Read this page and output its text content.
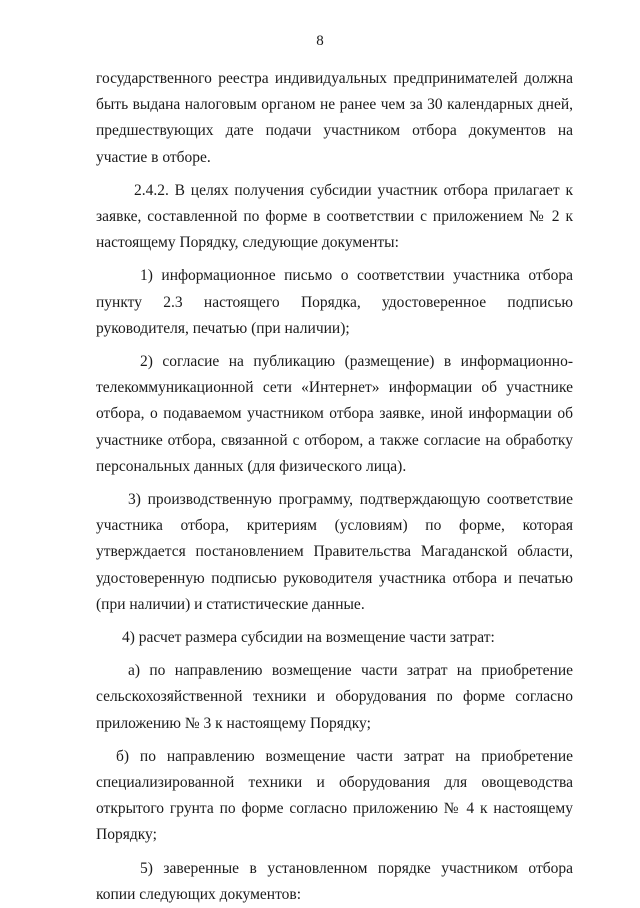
8

государственного реестра индивидуальных предпринимателей должна быть выдана налоговым органом не ранее чем за 30 календарных дней, предшествующих дате подачи участником отбора документов на участие в отборе.

2.4.2. В целях получения субсидии участник отбора прилагает к заявке, составленной по форме в соответствии с приложением № 2 к настоящему Порядку, следующие документы:

1) информационное письмо о соответствии участника отбора пункту 2.3 настоящего Порядка, удостоверенное подписью руководителя, печатью (при наличии);

2) согласие на публикацию (размещение) в информационно-телекоммуникационной сети «Интернет» информации об участнике отбора, о подаваемом участником отбора заявке, иной информации об участнике отбора, связанной с отбором, а также согласие на обработку персональных данных (для физического лица).

3) производственную программу, подтверждающую соответствие участника отбора, критериям (условиям) по форме, которая утверждается постановлением Правительства Магаданской области, удостоверенную подписью руководителя участника отбора и печатью (при наличии) и статистические данные.

4) расчет размера субсидии на возмещение части затрат:

а) по направлению возмещение части затрат на приобретение сельскохозяйственной техники и оборудования по форме согласно приложению № 3 к настоящему Порядку;

б) по направлению возмещение части затрат на приобретение специализированной техники и оборудования для овощеводства открытого грунта по форме согласно приложению № 4 к настоящему Порядку;

5) заверенные в установленном порядке участником отбора копии следующих документов:
